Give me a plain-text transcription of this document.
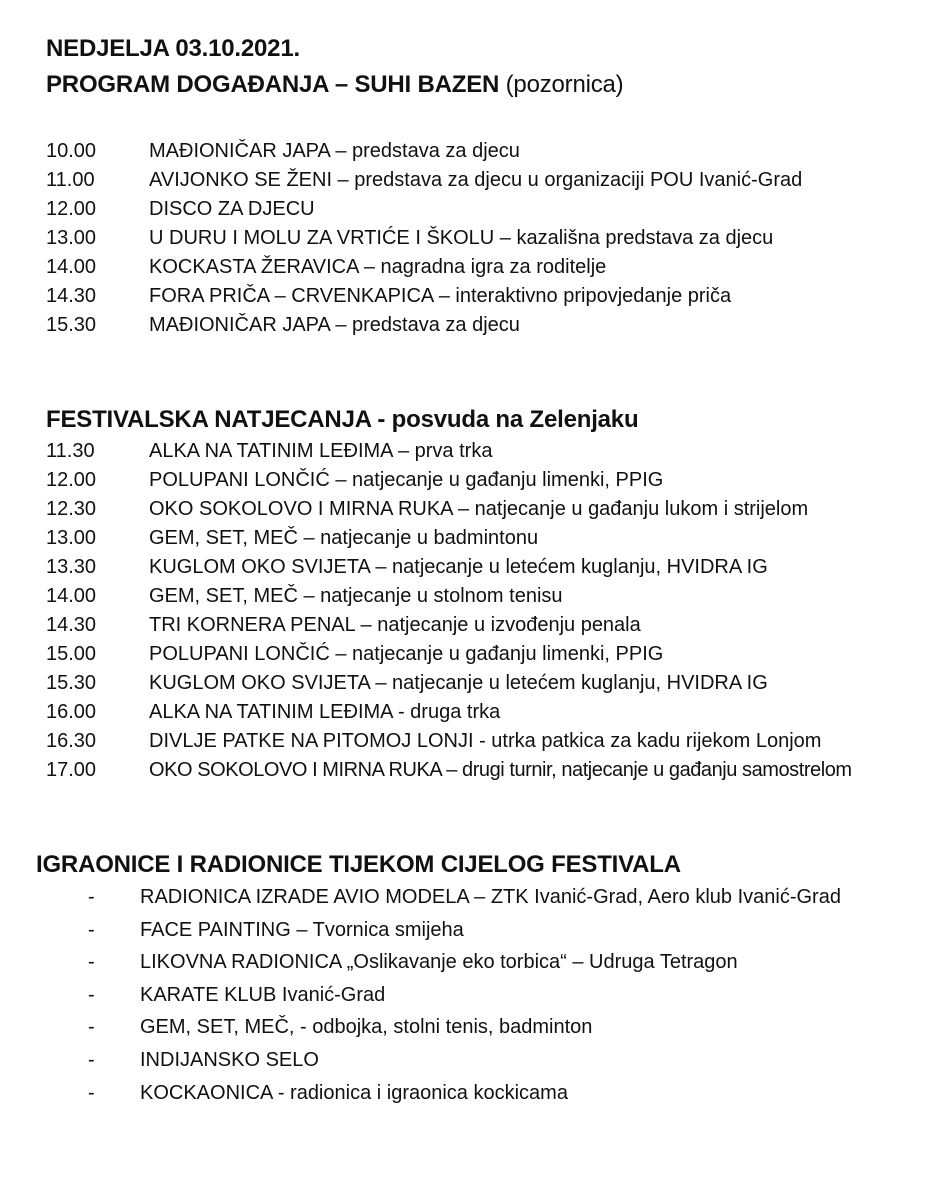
NEDJELJA 03.10.2021.
PROGRAM DOGAĐANJA – SUHI BAZEN (pozornica)
10.00	MAĐIONIČAR JAPA – predstava za djecu
11.00	AVIJONKO SE ŽENI – predstava za djecu u organizaciji POU Ivanić-Grad
12.00	DISCO ZA DJECU
13.00	U DURU I MOLU ZA VRTIĆE I ŠKOLU – kazališna predstava za djecu
14.00	KOCKASTA ŽERAVICA – nagradna igra za roditelje
14.30	FORA PRIČA – CRVENKAPICA – interaktivno pripovjedanje priča
15.30	MAĐIONIČAR JAPA – predstava za djecu
FESTIVALSKA NATJECANJA - posvuda na Zelenjaku
11.30	ALKA NA TATINIM LEĐIMA – prva trka
12.00	POLUPANI LONČIĆ – natjecanje u gađanju limenki, PPIG
12.30	OKO SOKOLOVO I MIRNA RUKA – natjecanje u gađanju lukom i strijelom
13.00	GEM, SET, MEČ – natjecanje u badmintonu
13.30	KUGLOM OKO SVIJETA – natjecanje u letećem kuglanju, HVIDRA IG
14.00	GEM, SET, MEČ – natjecanje u stolnom tenisu
14.30	TRI KORNERA PENAL – natjecanje u izvođenju penala
15.00	POLUPANI LONČIĆ – natjecanje u gađanju limenki, PPIG
15.30	KUGLOM OKO SVIJETA – natjecanje u letećem kuglanju, HVIDRA IG
16.00	ALKA NA TATINIM LEĐIMA - druga trka
16.30	DIVLJE PATKE NA PITOMOJ LONJI - utrka patkica za kadu rijekom Lonjom
17.00	OKO SOKOLOVO I MIRNA RUKA – drugi turnir, natjecanje u gađanju samostrelom
IGRAONICE I RADIONICE TIJEKOM CIJELOG FESTIVALA
- RADIONICA IZRADE AVIO MODELA – ZTK Ivanić-Grad, Aero klub Ivanić-Grad
- FACE PAINTING – Tvornica smijeha
- LIKOVNA RADIONICA „Oslikavanje eko torbica“ – Udruga Tetragon
- KARATE KLUB Ivanić-Grad
- GEM, SET, MEČ, - odbojka, stolni tenis, badminton
- INDIJANSKO SELO
- KOCKAONICA - radionica i igraonica kockicama
